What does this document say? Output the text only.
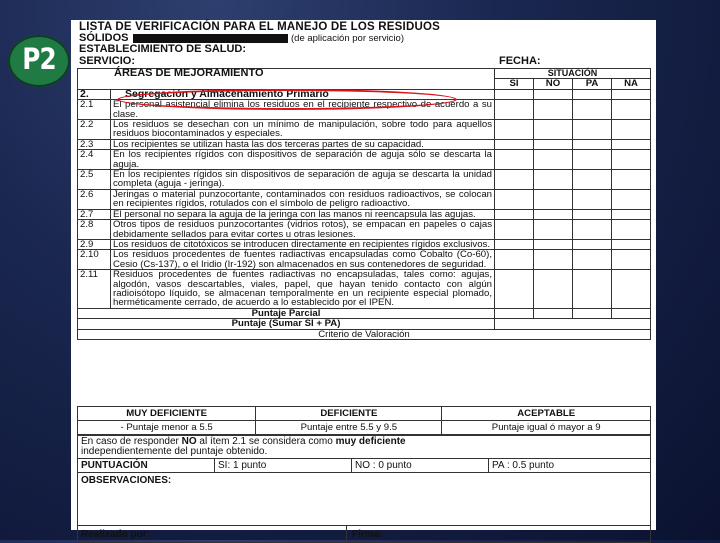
P2
LISTA DE VERIFICACIÓN PARA EL MANEJO DE LOS RESIDUOS
SÓLIDOS	(de aplicación por servicio)
ESTABLECIMIENTO DE SALUD:
SERVICIO:	FECHA:
ÁREAS DE MEJORAMIENTO		SITUACIÓN			
		SI	NO	PA	NA
2.	Segregación y Almacenamiento Primario				
2.1	El personal asistencial elimina los residuos en el recipiente respectivo de acuerdo a su clase.				
2.2	Los residuos se desechan con un mínimo de manipulación, sobre todo para aquellos residuos biocontaminados y especiales.				
2.3	Los recipientes se utilizan hasta las dos terceras partes de su capacidad.				
2.4	En los recipientes rígidos con dispositivos de separación de aguja sólo se descarta la aguja.				
2.5	En los recipientes rígidos sin dispositivos de separación de aguja se descarta la unidad completa (aguja - jeringa).				
2.6	Jeringas o material punzocortante, contaminados con residuos radioactivos, se colocan en recipientes rígidos, rotulados con el símbolo de peligro radioactivo.				
2.7	El personal no separa la aguja de la jeringa con las manos ni reencapsula las agujas.				
2.8	Otros tipos de residuos punzocortantes (vidrios rotos), se empacan en papeles o cajas debidamente sellados para evitar cortes u otras lesiones.				
2.9	Los residuos de citotóxicos se introducen directamente en recipientes rígidos exclusivos.				
2.10	Los residuos procedentes de fuentes radiactivas encapsuladas como Cobalto (Co-60), Cesio (Cs-137), o el Iridio (Ir-192) son almacenados en sus contenedores de seguridad.				
2.11	Residuos procedentes de fuentes radiactivas no encapsuladas, tales como: agujas, algodón, vasos descartables, viales, papel, que hayan tenido contacto con algún radioisótopo líquido, se almacenan temporalmente en un recipiente especial plomado, herméticamente cerrado, de acuerdo a lo establecido por el IPEN.				
Puntaje Parcial					
Puntaje (Sumar SI + PA)					
Criterio de Valoración					
MUY DEFICIENTE	DEFICIENTE	ACEPTABLE
- Puntaje menor a 5.5	Puntaje entre 5.5 y 9.5	Puntaje igual ó mayor a 9
En caso de responder NO al ítem 2.1 se considera como muy deficiente
independientemente del puntaje obtenido.
PUNTUACIÓN	SI: 1 punto	NO : 0 punto	PA : 0.5 punto
OBSERVACIONES:
Realizado por:	Firma:
